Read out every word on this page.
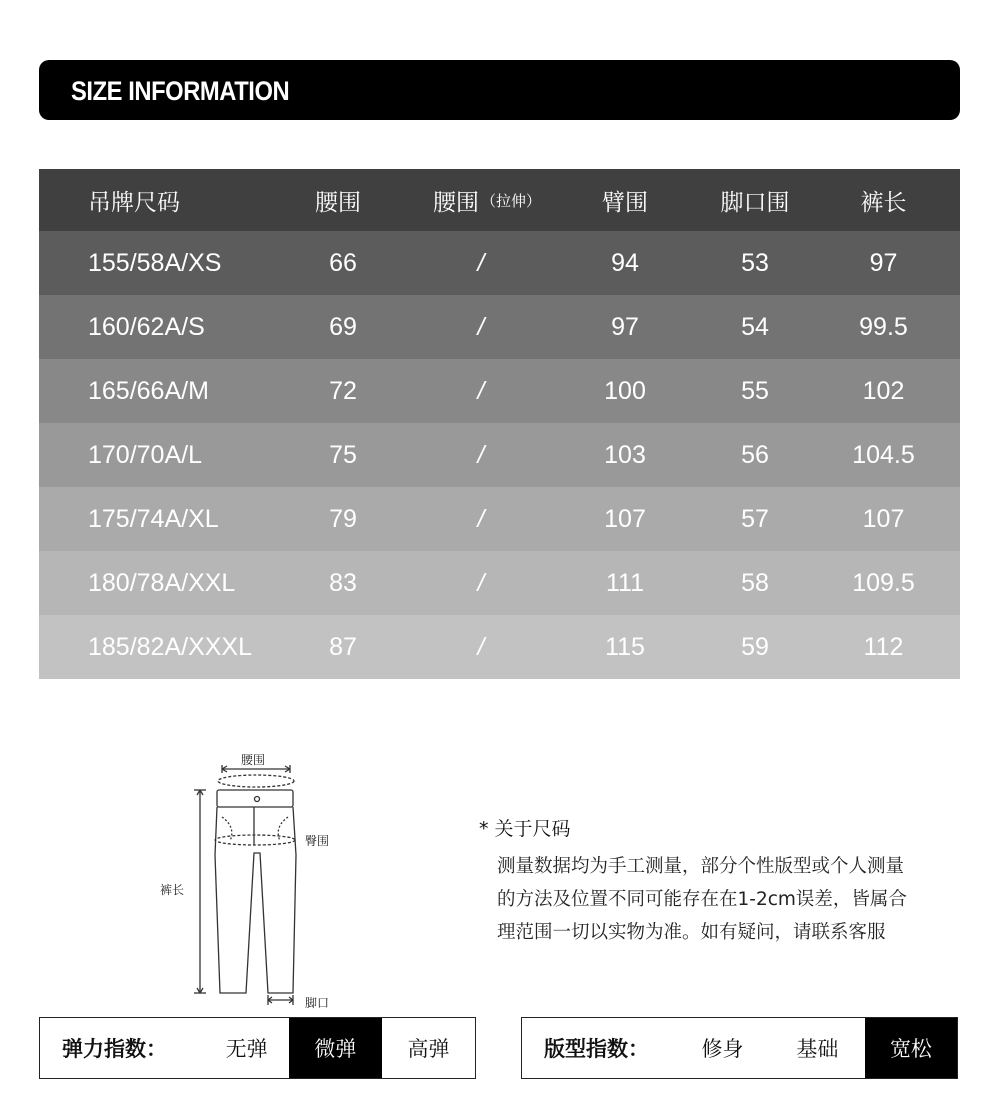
SIZE INFORMATION
吊牌尺码	腰围	腰围 （拉伸）	臂围	脚口围	裤长
155/58A/XS	66	/	94	53	97
160/62A/S	69	/	97	54	99.5
165/66A/M	72	/	100	55	102
170/70A/L	75	/	103	56	104.5
175/74A/XL	79	/	107	57	107
180/78A/XXL	83	/	111	58	109.5
185/82A/XXXL	87	/	115	59	112
腰围
臀围
裤长
脚口
* 关于尺码
测量数据均为手工测量，部分个性版型或个人测量
的方法及位置不同可能存在在1-2cm误差，皆属合
理范围一切以实物为准。如有疑问，请联系客服
弹力指数：	无弹	微弹	高弹	版型指数：	修身	基础	宽松
